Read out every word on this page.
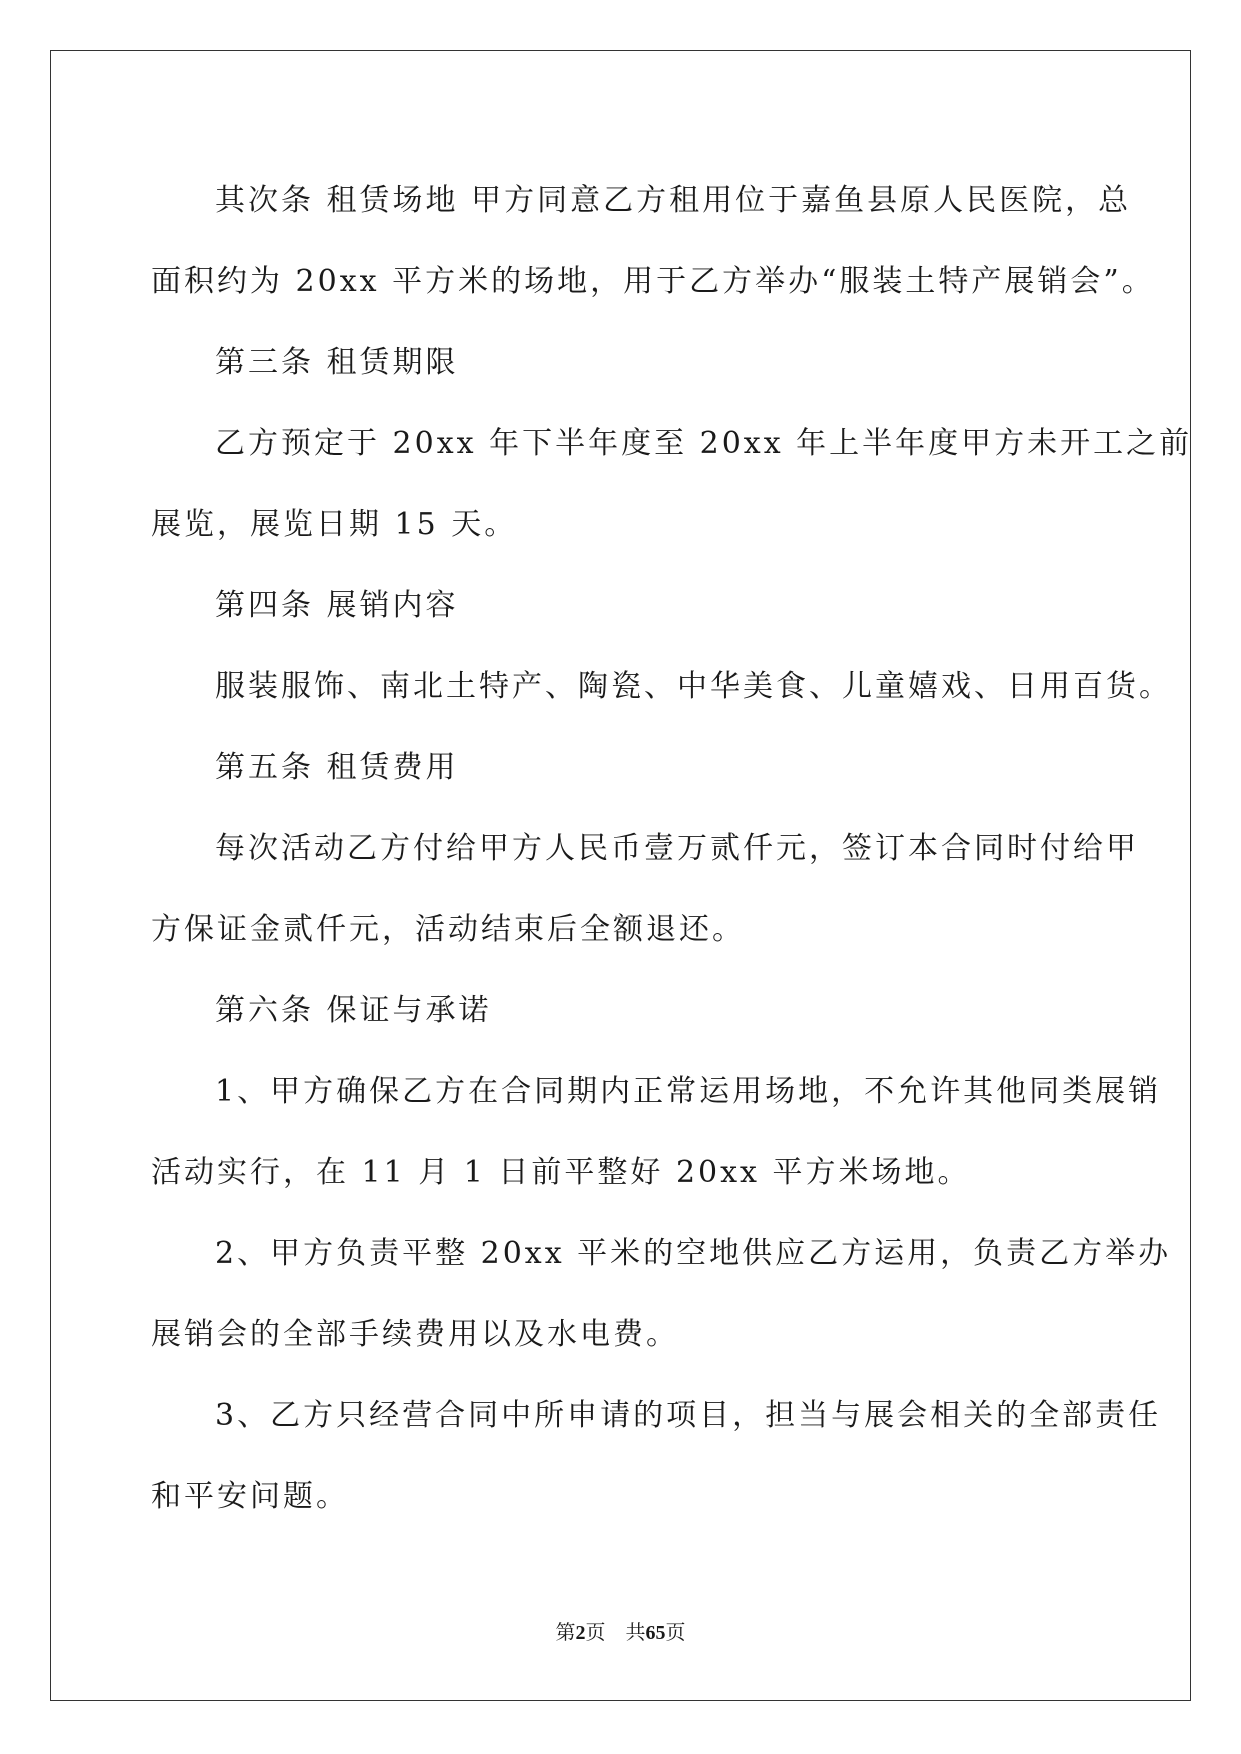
其次条 租赁场地 甲方同意乙方租用位于嘉鱼县原人民医院，总

面积约为 20xx 平方米的场地，用于乙方举办“服装土特产展销会”。

第三条 租赁期限

乙方预定于 20xx 年下半年度至 20xx 年上半年度甲方未开工之前

展览，展览日期 15 天。

第四条 展销内容

服装服饰、南北土特产、陶瓷、中华美食、儿童嬉戏、日用百货。

第五条 租赁费用

每次活动乙方付给甲方人民币壹万贰仟元，签订本合同时付给甲

方保证金贰仟元，活动结束后全额退还。

第六条 保证与承诺

1、甲方确保乙方在合同期内正常运用场地，不允许其他同类展销

活动实行，在 11 月 1 日前平整好 20xx 平方米场地。

2、甲方负责平整 20xx 平米的空地供应乙方运用，负责乙方举办

展销会的全部手续费用以及水电费。

3、乙方只经营合同中所申请的项目，担当与展会相关的全部责任

和平安问题。

第2页 共65页
